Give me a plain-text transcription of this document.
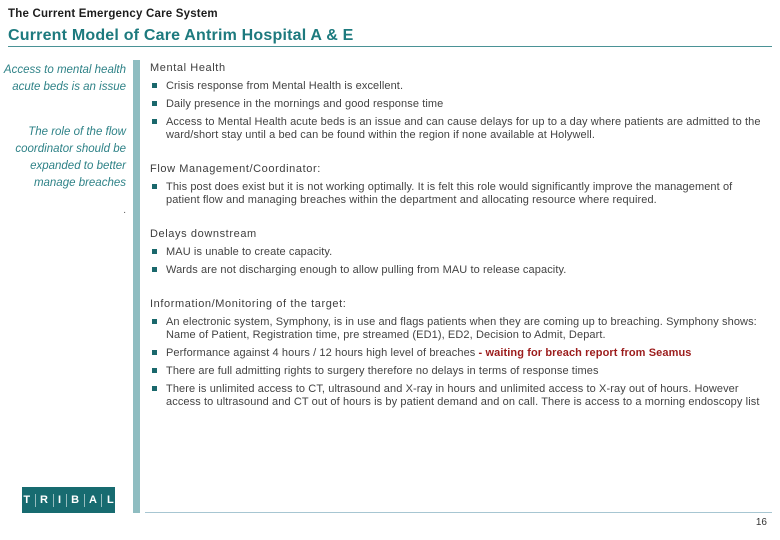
The Current Emergency Care System
Current Model of Care Antrim Hospital A & E
Access to mental health acute beds is an issue
The role of the flow coordinator should be expanded to better manage breaches
.
Mental Health
Crisis response from Mental Health is excellent.
Daily presence in the mornings and good response time
Access to Mental Health acute beds is an issue and can cause delays for up to a day where patients are admitted to the ward/short stay until a bed can be found within the region if none available at Holywell.
Flow Management/Coordinator:
This post does exist but it is not working optimally. It is felt this role would significantly improve the management of patient flow and managing breaches within the department and allocating resource where required.
Delays downstream
MAU is unable to create capacity.
Wards are not discharging enough to allow pulling from MAU to release capacity.
Information/Monitoring of the target:
An electronic system, Symphony, is in use and flags patients when they are coming up to breaching. Symphony shows: Name of Patient, Registration time, pre streamed (ED1), ED2, Decision to Admit, Depart.
Performance against 4 hours / 12 hours high level of breaches - waiting for breach report from Seamus
There are full admitting rights to surgery therefore no delays in terms of response times
There is unlimited access to CT, ultrasound and X-ray in hours and unlimited access to X-ray out of hours. However access to ultrasound and CT out of hours is by patient demand and on call. There is access to a morning endoscopy list
T R I B A L
16
